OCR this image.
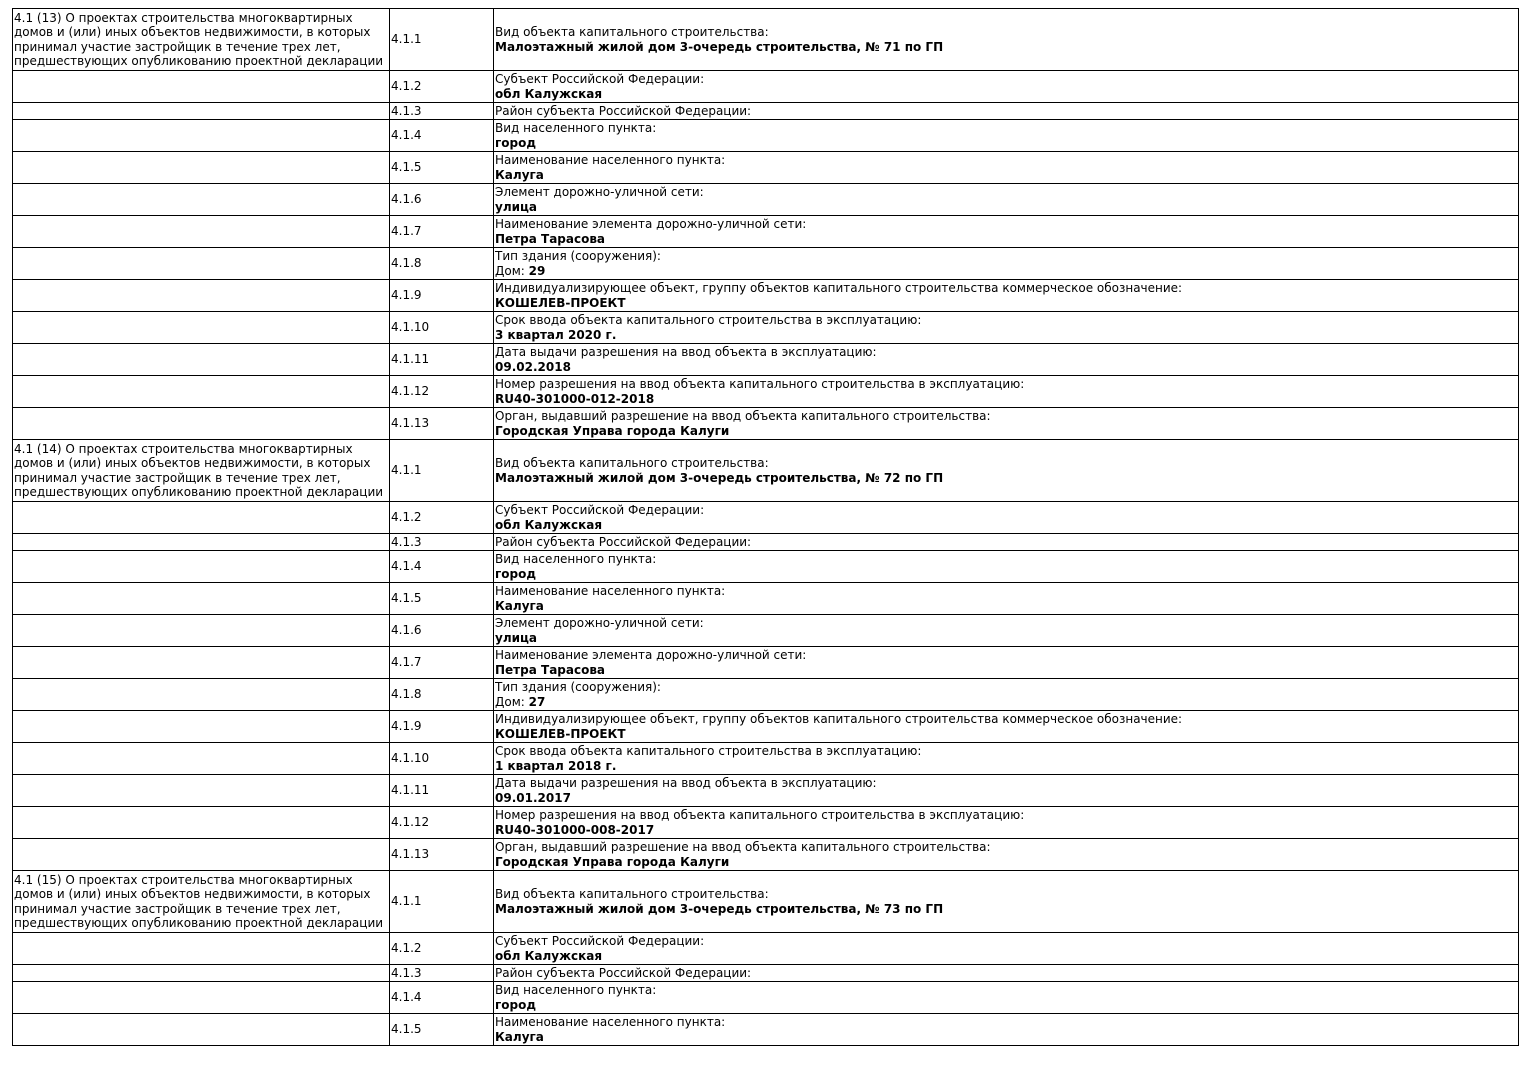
4.1 (13) О проектах строительства многоквартирных домов и (или) иных объектов недвижимости, в которых принимал участие застройщик в течение трех лет, предшествующих опубликованию проектной декларации	4.1.1	Вид объекта капитального строительства:
Малоэтажный жилой дом 3-очередь строительства, № 71 по ГП

	4.1.2	Субъект Российской Федерации:
обл Калужская

	4.1.3	Район субъекта Российской Федерации:

	4.1.4	Вид населенного пункта:
город

	4.1.5	Наименование населенного пункта:
Калуга

	4.1.6	Элемент дорожно-уличной сети:
улица

	4.1.7	Наименование элемента дорожно-уличной сети:
Петра Тарасова

	4.1.8	Тип здания (сооружения):
Дом: 29

	4.1.9	Индивидуализирующее объект, группу объектов капитального строительства коммерческое обозначение:
КОШЕЛЕВ-ПРОЕКТ

	4.1.10	Срок ввода объекта капитального строительства в эксплуатацию:
3 квартал 2020 г.

	4.1.11	Дата выдачи разрешения на ввод объекта в эксплуатацию:
09.02.2018

	4.1.12	Номер разрешения на ввод объекта капитального строительства в эксплуатацию:
RU40-301000-012-2018

	4.1.13	Орган, выдавший разрешение на ввод объекта капитального строительства:
Городская Управа города Калуги

4.1 (14) О проектах строительства многоквартирных домов и (или) иных объектов недвижимости, в которых принимал участие застройщик в течение трех лет, предшествующих опубликованию проектной декларации	4.1.1	Вид объекта капитального строительства:
Малоэтажный жилой дом 3-очередь строительства, № 72 по ГП

	4.1.2	Субъект Российской Федерации:
обл Калужская

	4.1.3	Район субъекта Российской Федерации:

	4.1.4	Вид населенного пункта:
город

	4.1.5	Наименование населенного пункта:
Калуга

	4.1.6	Элемент дорожно-уличной сети:
улица

	4.1.7	Наименование элемента дорожно-уличной сети:
Петра Тарасова

	4.1.8	Тип здания (сооружения):
Дом: 27

	4.1.9	Индивидуализирующее объект, группу объектов капитального строительства коммерческое обозначение:
КОШЕЛЕВ-ПРОЕКТ

	4.1.10	Срок ввода объекта капитального строительства в эксплуатацию:
1 квартал 2018 г.

	4.1.11	Дата выдачи разрешения на ввод объекта в эксплуатацию:
09.01.2017

	4.1.12	Номер разрешения на ввод объекта капитального строительства в эксплуатацию:
RU40-301000-008-2017

	4.1.13	Орган, выдавший разрешение на ввод объекта капитального строительства:
Городская Управа города Калуги

4.1 (15) О проектах строительства многоквартирных домов и (или) иных объектов недвижимости, в которых принимал участие застройщик в течение трех лет, предшествующих опубликованию проектной декларации	4.1.1	Вид объекта капитального строительства:
Малоэтажный жилой дом 3-очередь строительства, № 73 по ГП

	4.1.2	Субъект Российской Федерации:
обл Калужская

	4.1.3	Район субъекта Российской Федерации:

	4.1.4	Вид населенного пункта:
город

	4.1.5	Наименование населенного пункта:
Калуга
